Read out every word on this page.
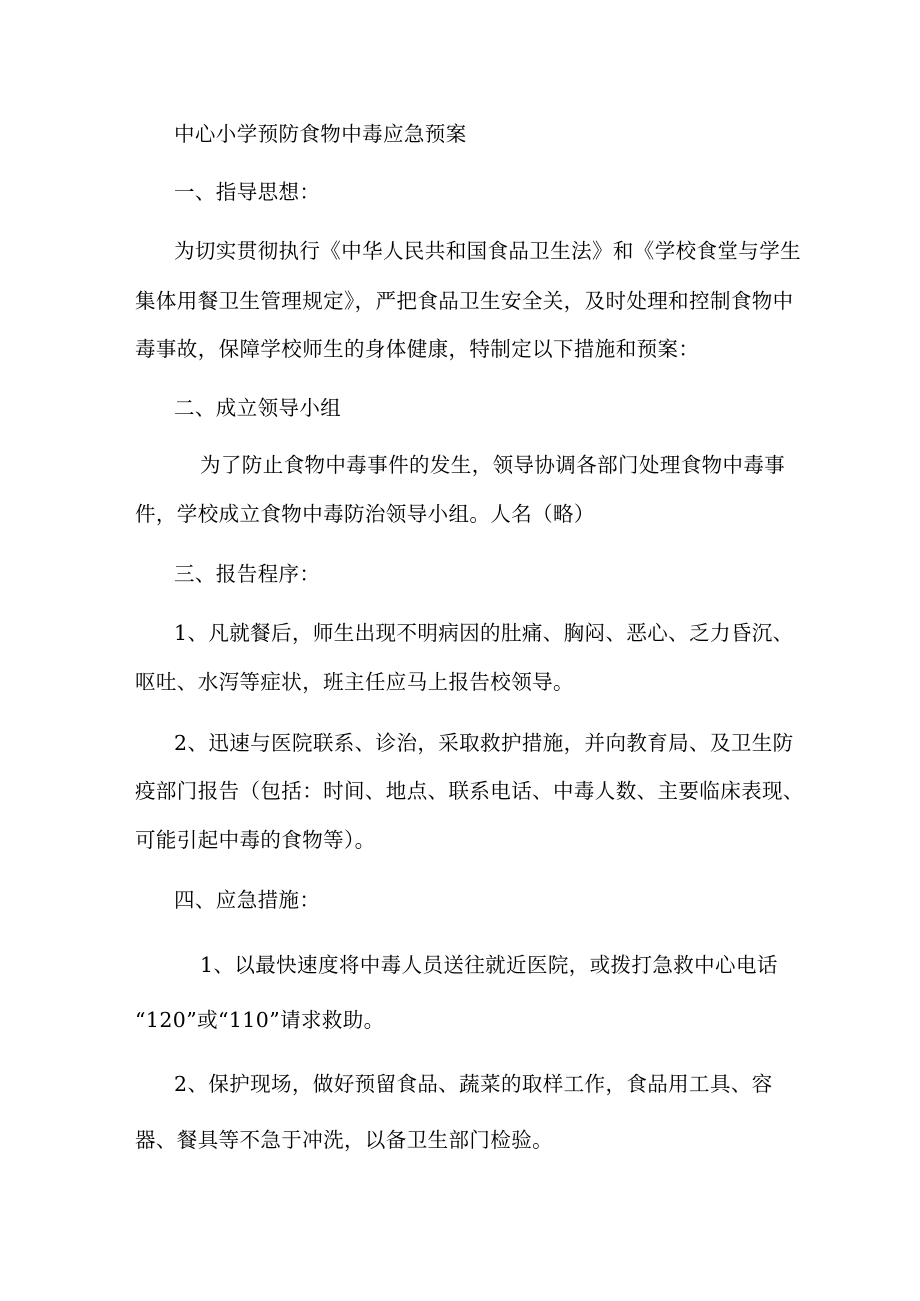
中心小学预防食物中毒应急预案
一、指导思想：
为切实贯彻执行《中华人民共和国食品卫生法》和《学校食堂与学生
集体用餐卫生管理规定》，严把食品卫生安全关，及时处理和控制食物中
毒事故，保障学校师生的身体健康，特制定以下措施和预案：
二、成立领导小组
为了防止食物中毒事件的发生，领导协调各部门处理食物中毒事
件，学校成立食物中毒防治领导小组。人名（略）
三、报告程序：
1、凡就餐后，师生出现不明病因的肚痛、胸闷、恶心、乏力昏沉、
呕吐、水泻等症状，班主任应马上报告校领导。
2、迅速与医院联系、诊治，采取救护措施，并向教育局、及卫生防
疫部门报告（包括：时间、地点、联系电话、中毒人数、主要临床表现、
可能引起中毒的食物等）。
四、应急措施：
1、以最快速度将中毒人员送往就近医院，或拨打急救中心电话
“120”或“110”请求救助。
2、保护现场，做好预留食品、蔬菜的取样工作，食品用工具、容
器、餐具等不急于冲洗，以备卫生部门检验。
